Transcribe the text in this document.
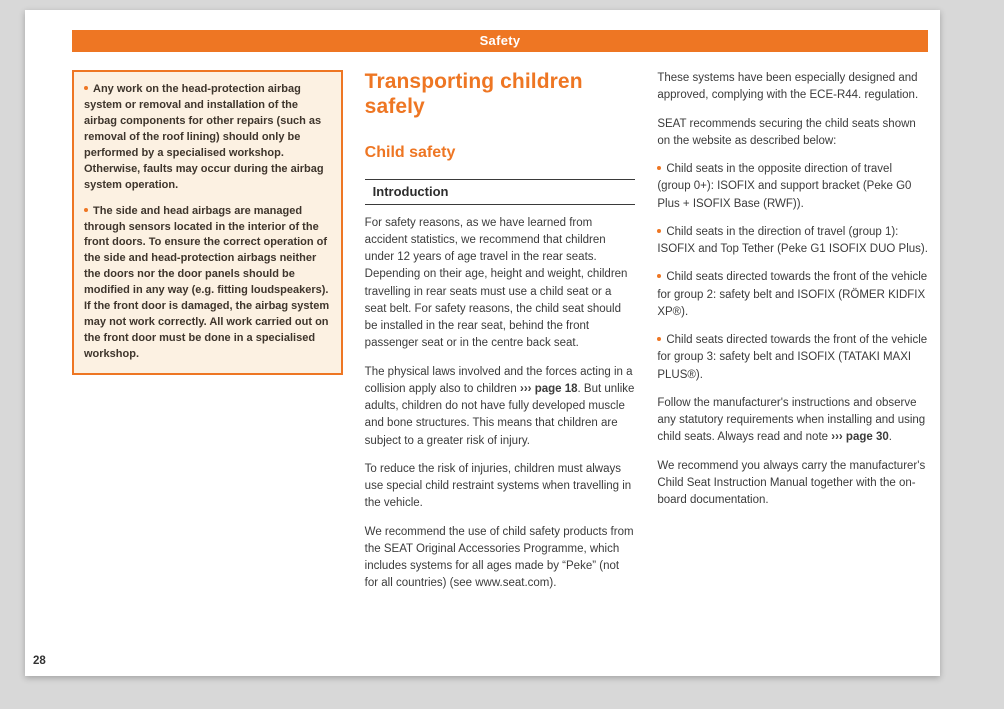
Safety

Any work on the head-protection airbag system or removal and installation of the airbag components for other repairs (such as removal of the roof lining) should only be performed by a specialised workshop. Otherwise, faults may occur during the airbag system operation.

The side and head airbags are managed through sensors located in the interior of the front doors. To ensure the correct operation of the side and head-protection airbags neither the doors nor the door panels should be modified in any way (e.g. fitting loudspeakers). If the front door is damaged, the airbag system may not work correctly. All work carried out on the front door must be done in a specialised workshop.

Transporting children safely
Child safety
Introduction

For safety reasons, as we have learned from accident statistics, we recommend that children under 12 years of age travel in the rear seats. Depending on their age, height and weight, children travelling in rear seats must use a child seat or a seat belt. For safety reasons, the child seat should be installed in the rear seat, behind the front passenger seat or in the centre back seat.

The physical laws involved and the forces acting in a collision apply also to children ››› page 18. But unlike adults, children do not have fully developed muscle and bone structures. This means that children are subject to a greater risk of injury.

To reduce the risk of injuries, children must always use special child restraint systems when travelling in the vehicle.

We recommend the use of child safety products from the SEAT Original Accessories Programme, which includes systems for all ages made by “Peke” (not for all countries) (see www.seat.com).

These systems have been especially designed and approved, complying with the ECE-R44. regulation.

SEAT recommends securing the child seats shown on the website as described below:

Child seats in the opposite direction of travel (group 0+): ISOFIX and support bracket (Peke G0 Plus + ISOFIX Base (RWF)).

Child seats in the direction of travel (group 1): ISOFIX and Top Tether (Peke G1 ISOFIX DUO Plus).

Child seats directed towards the front of the vehicle for group 2: safety belt and ISOFIX (RÖMER KIDFIX XP®).

Child seats directed towards the front of the vehicle for group 3: safety belt and ISOFIX (TATAKI MAXI PLUS®).

Follow the manufacturer's instructions and observe any statutory requirements when installing and using child seats. Always read and note ››› page 30.

We recommend you always carry the manufacturer's Child Seat Instruction Manual together with the on-board documentation.

28
